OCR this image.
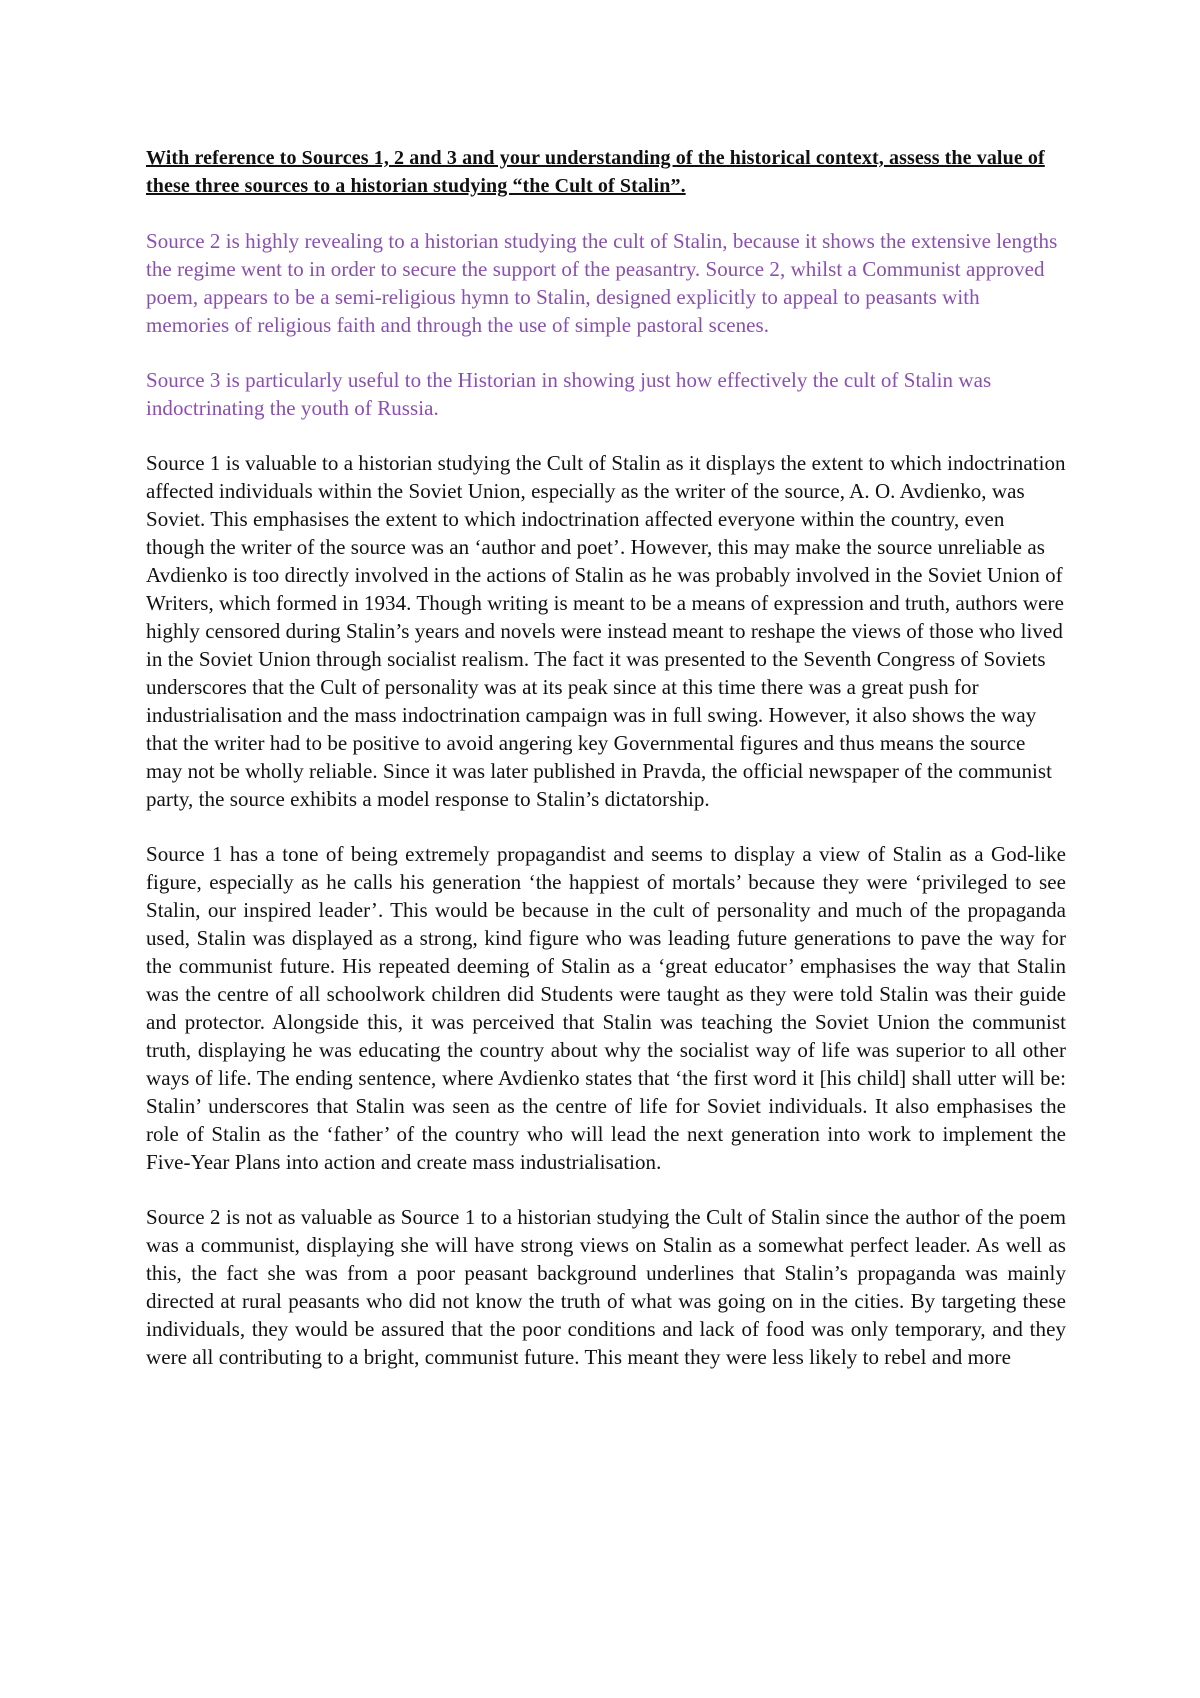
With reference to Sources 1, 2 and 3 and your understanding of the historical context, assess the value of these three sources to a historian studying “the Cult of Stalin”.

Source 2 is highly revealing to a historian studying the cult of Stalin, because it shows the extensive lengths the regime went to in order to secure the support of the peasantry. Source 2, whilst a Communist approved poem, appears to be a semi-religious hymn to Stalin, designed explicitly to appeal to peasants with memories of religious faith and through the use of simple pastoral scenes.

Source 3 is particularly useful to the Historian in showing just how effectively the cult of Stalin was indoctrinating the youth of Russia.

Source 1 is valuable to a historian studying the Cult of Stalin as it displays the extent to which indoctrination affected individuals within the Soviet Union, especially as the writer of the source, A. O. Avdienko, was Soviet. This emphasises the extent to which indoctrination affected everyone within the country, even though the writer of the source was an ‘author and poet’. However, this may make the source unreliable as Avdienko is too directly involved in the actions of Stalin as he was probably involved in the Soviet Union of Writers, which formed in 1934. Though writing is meant to be a means of expression and truth, authors were highly censored during Stalin’s years and novels were instead meant to reshape the views of those who lived in the Soviet Union through socialist realism. The fact it was presented to the Seventh Congress of Soviets underscores that the Cult of personality was at its peak since at this time there was a great push for industrialisation and the mass indoctrination campaign was in full swing. However, it also shows the way that the writer had to be positive to avoid angering key Governmental figures and thus means the source may not be wholly reliable. Since it was later published in Pravda, the official newspaper of the communist party, the source exhibits a model response to Stalin’s dictatorship.

Source 1 has a tone of being extremely propagandist and seems to display a view of Stalin as a God-like figure, especially as he calls his generation ‘the happiest of mortals’ because they were ‘privileged to see Stalin, our inspired leader’. This would be because in the cult of personality and much of the propaganda used, Stalin was displayed as a strong, kind figure who was leading future generations to pave the way for the communist future. His repeated deeming of Stalin as a ‘great educator’ emphasises the way that Stalin was the centre of all schoolwork children did Students were taught as they were told Stalin was their guide and protector. Alongside this, it was perceived that Stalin was teaching the Soviet Union the communist truth, displaying he was educating the country about why the socialist way of life was superior to all other ways of life. The ending sentence, where Avdienko states that ‘the first word it [his child] shall utter will be: Stalin’ underscores that Stalin was seen as the centre of life for Soviet individuals. It also emphasises the role of Stalin as the ‘father’ of the country who will lead the next generation into work to implement the Five-Year Plans into action and create mass industrialisation.

Source 2 is not as valuable as Source 1 to a historian studying the Cult of Stalin since the author of the poem was a communist, displaying she will have strong views on Stalin as a somewhat perfect leader. As well as this, the fact she was from a poor peasant background underlines that Stalin’s propaganda was mainly directed at rural peasants who did not know the truth of what was going on in the cities. By targeting these individuals, they would be assured that the poor conditions and lack of food was only temporary, and they were all contributing to a bright, communist future. This meant they were less likely to rebel and more
